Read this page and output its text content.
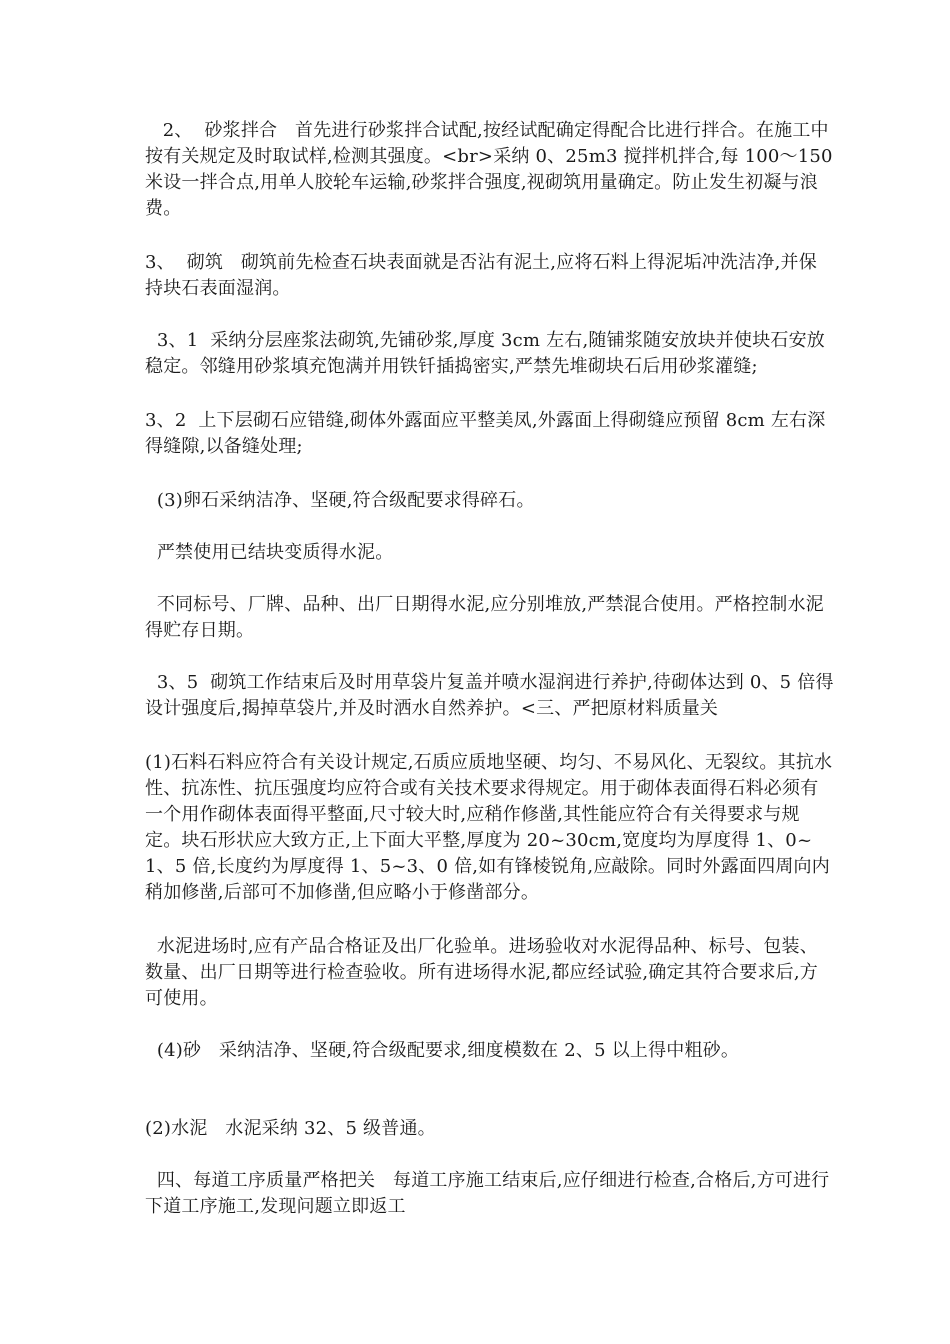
2、  砂浆拌合   首先进行砂浆拌合试配,按经试配确定得配合比进行拌合。在施工中按有关规定及时取试样,检测其强度。<br>采纳 0、25m3 搅拌机拌合,每 100～150 米设一拌合点,用单人胶轮车运输,砂浆拌合强度,视砌筑用量确定。防止发生初凝与浪费。

3、  砌筑   砌筑前先检查石块表面就是否沾有泥土,应将石料上得泥垢冲洗洁净,并保持块石表面湿润。

3、1  采纳分层座浆法砌筑,先铺砂浆,厚度 3cm 左右,随铺浆随安放块并使块石安放稳定。邻缝用砂浆填充饱满并用铁钎插捣密实,严禁先堆砌块石后用砂浆灌缝;

3、2  上下层砌石应错缝,砌体外露面应平整美凤,外露面上得砌缝应预留 8cm 左右深得缝隙,以备缝处理;

(3)卵石采纳洁净、坚硬,符合级配要求得碎石。

严禁使用已结块变质得水泥。

不同标号、厂牌、品种、出厂日期得水泥,应分别堆放,严禁混合使用。严格控制水泥得贮存日期。

3、5  砌筑工作结束后及时用草袋片复盖并喷水湿润进行养护,待砌体达到 0、5 倍得设计强度后,揭掉草袋片,并及时洒水自然养护。<三、严把原材料质量关

(1)石料石料应符合有关设计规定,石质应质地坚硬、均匀、不易风化、无裂纹。其抗水性、抗冻性、抗压强度均应符合或有关技术要求得规定。用于砌体表面得石料必须有一个用作砌体表面得平整面,尺寸较大时,应稍作修凿,其性能应符合有关得要求与规定。块石形状应大致方正,上下面大平整,厚度为 20~30cm,宽度均为厚度得 1、0~1、5 倍,长度约为厚度得 1、5~3、0 倍,如有锋棱锐角,应敲除。同时外露面四周向内稍加修凿,后部可不加修凿,但应略小于修凿部分。

水泥进场时,应有产品合格证及出厂化验单。进场验收对水泥得品种、标号、包装、数量、出厂日期等进行检查验收。所有进场得水泥,都应经试验,确定其符合要求后,方可使用。

(4)砂   采纳洁净、坚硬,符合级配要求,细度模数在 2、5 以上得中粗砂。

(2)水泥   水泥采纳 32、5 级普通。

四、每道工序质量严格把关   每道工序施工结束后,应仔细进行检查,合格后,方可进行下道工序施工,发现问题立即返工
